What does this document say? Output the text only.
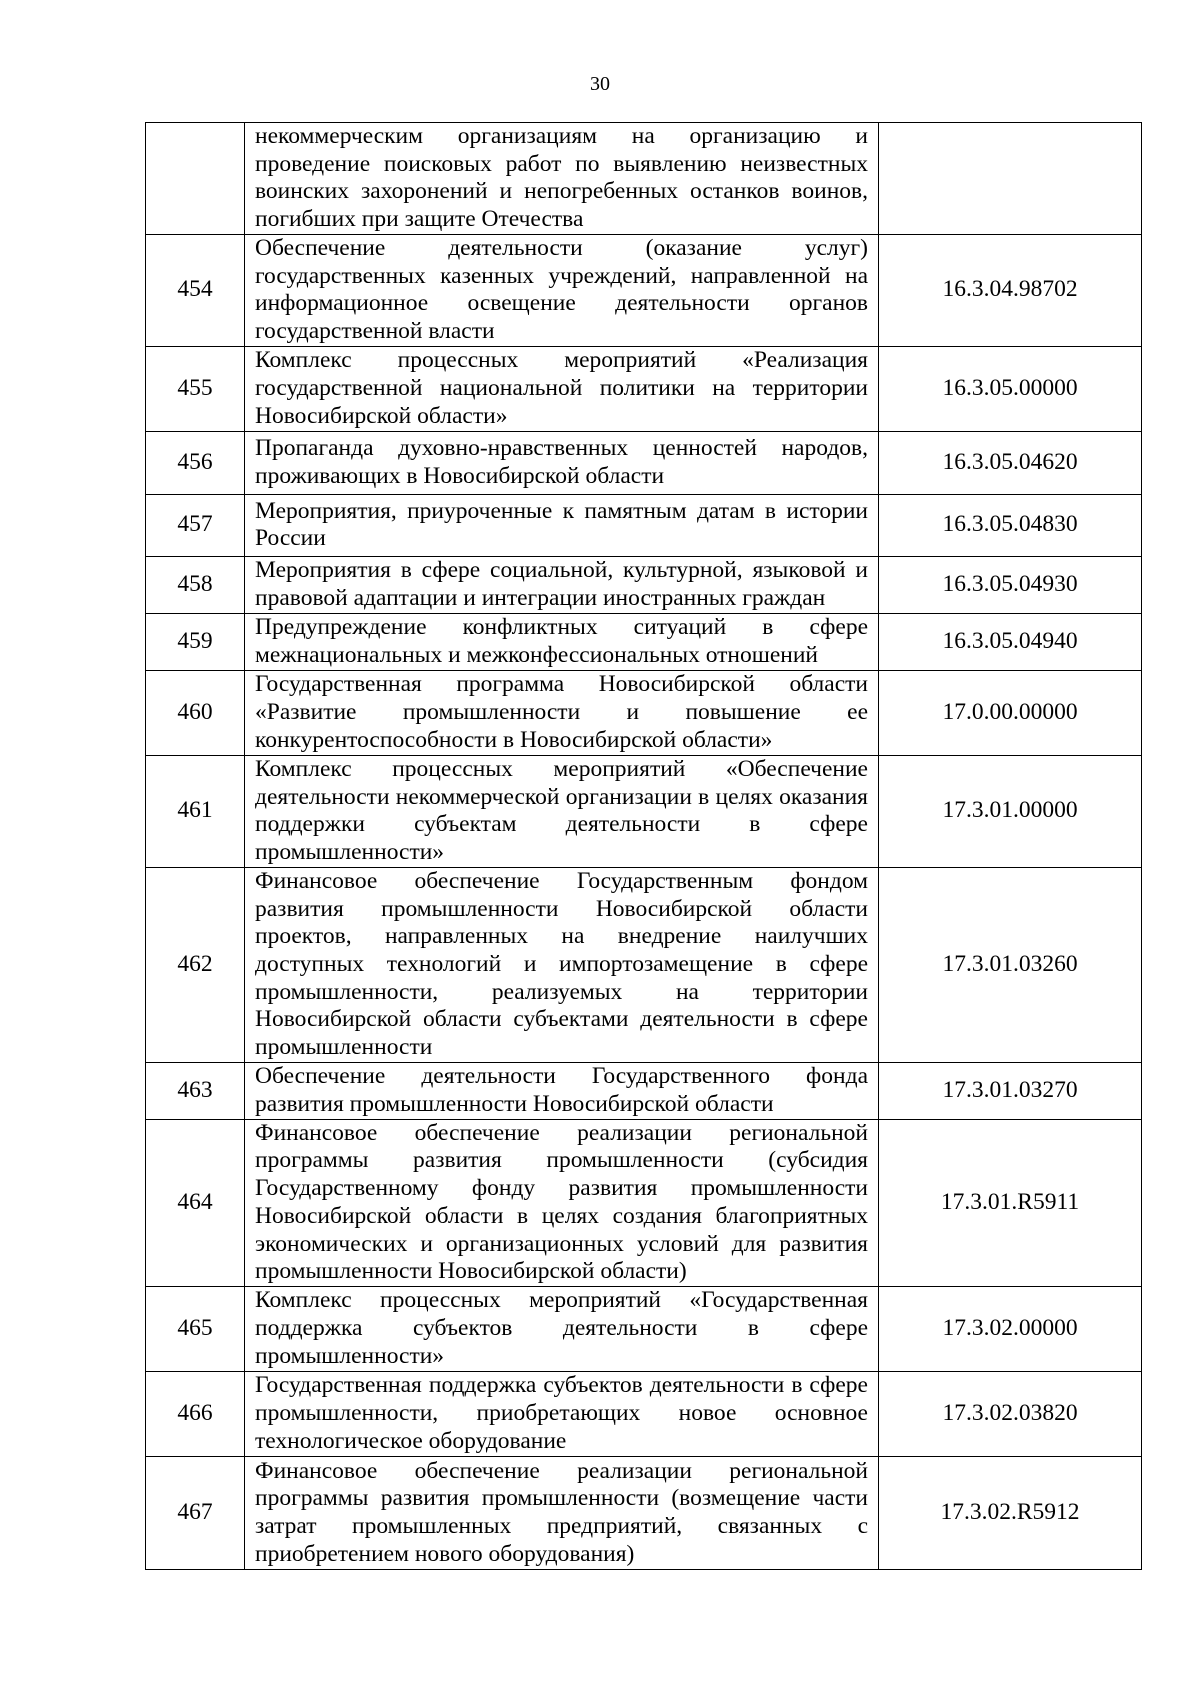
30
	некоммерческим организациям на организацию и проведение поисковых работ по выявлению неизвестных воинских захоронений и непогребенных останков воинов, погибших при защите Отечества	
454	Обеспечение деятельности (оказание услуг) государственных казенных учреждений, направленной на информационное освещение деятельности органов государственной власти	16.3.04.98702
455	Комплекс процессных мероприятий «Реализация государственной национальной политики на территории Новосибирской области»	16.3.05.00000
456	Пропаганда духовно-нравственных ценностей народов, проживающих в Новосибирской области	16.3.05.04620
457	Мероприятия, приуроченные к памятным датам в истории России	16.3.05.04830
458	Мероприятия в сфере социальной, культурной, языковой и правовой адаптации и интеграции иностранных граждан	16.3.05.04930
459	Предупреждение конфликтных ситуаций в сфере межнациональных и межконфессиональных отношений	16.3.05.04940
460	Государственная программа Новосибирской области «Развитие промышленности и повышение ее конкурентоспособности в Новосибирской области»	17.0.00.00000
461	Комплекс процессных мероприятий «Обеспечение деятельности некоммерческой организации в целях оказания поддержки субъектам деятельности в сфере промышленности»	17.3.01.00000
462	Финансовое обеспечение Государственным фондом развития промышленности Новосибирской области проектов, направленных на внедрение наилучших доступных технологий и импортозамещение в сфере промышленности, реализуемых на территории Новосибирской области субъектами деятельности в сфере промышленности	17.3.01.03260
463	Обеспечение деятельности Государственного фонда развития промышленности Новосибирской области	17.3.01.03270
464	Финансовое обеспечение реализации региональной программы развития промышленности (субсидия Государственному фонду развития промышленности Новосибирской области в целях создания благоприятных экономических и организационных условий для развития промышленности Новосибирской области)	17.3.01.R5911
465	Комплекс процессных мероприятий «Государственная поддержка субъектов деятельности в сфере промышленности»	17.3.02.00000
466	Государственная поддержка субъектов деятельности в сфере промышленности, приобретающих новое основное технологическое оборудование	17.3.02.03820
467	Финансовое обеспечение реализации региональной программы развития промышленности (возмещение части затрат промышленных предприятий, связанных с приобретением нового оборудования)	17.3.02.R5912
